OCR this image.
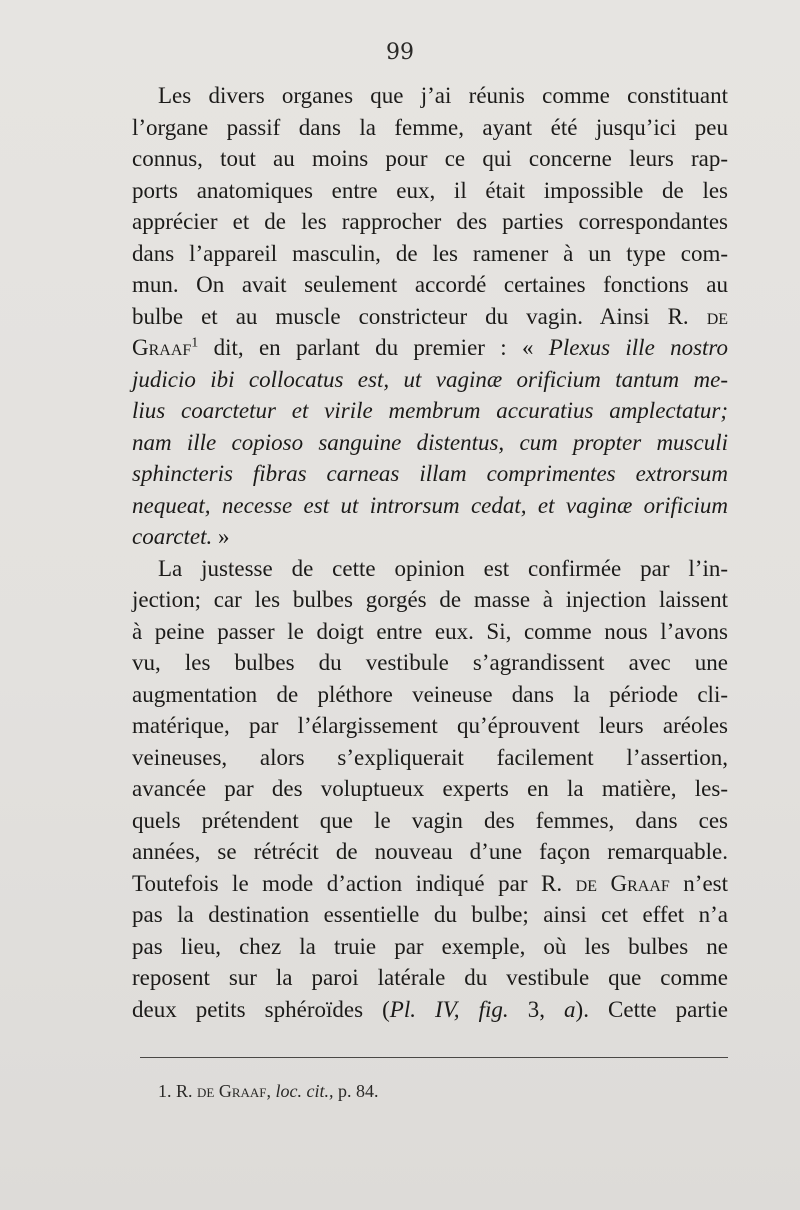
99
Les divers organes que j’ai réunis comme constituant
l’organe passif dans la femme, ayant été jusqu’ici peu
connus, tout au moins pour ce qui concerne leurs rap-
ports anatomiques entre eux, il était impossible de les
apprécier et de les rapprocher des parties correspondantes
dans l’appareil masculin, de les ramener à un type com-
mun. On avait seulement accordé certaines fonctions au
bulbe et au muscle constricteur du vagin. Ainsi R. de
Graaf$^1$ dit, en parlant du premier : « Plexus ille nostro
judicio ibi collocatus est, ut vaginæ orificium tantum me-
lius coarctetur et virile membrum accuratius amplectatur;
nam ille copioso sanguine distentus, cum propter musculi
sphincteris fibras carneas illam comprimentes extrorsum
nequeat, necesse est ut introrsum cedat, et vaginæ orificium
coarctet. »
La justesse de cette opinion est confirmée par l’in-
jection; car les bulbes gorgés de masse à injection laissent
à peine passer le doigt entre eux. Si, comme nous l’avons
vu, les bulbes du vestibule s’agrandissent avec une
augmentation de pléthore veineuse dans la période cli-
matérique, par l’élargissement qu’éprouvent leurs aréoles
veineuses, alors s’expliquerait facilement l’assertion,
avancée par des voluptueux experts en la matière, les-
quels prétendent que le vagin des femmes, dans ces
années, se rétrécit de nouveau d’une façon remarquable.
Toutefois le mode d’action indiqué par R. de Graaf n’est
pas la destination essentielle du bulbe; ainsi cet effet n’a
pas lieu, chez la truie par exemple, où les bulbes ne
reposent sur la paroi latérale du vestibule que comme
deux petits sphéroïdes (Pl. IV, fig. 3, a). Cette partie
1. R. de Graaf, loc. cit., p. 84.
